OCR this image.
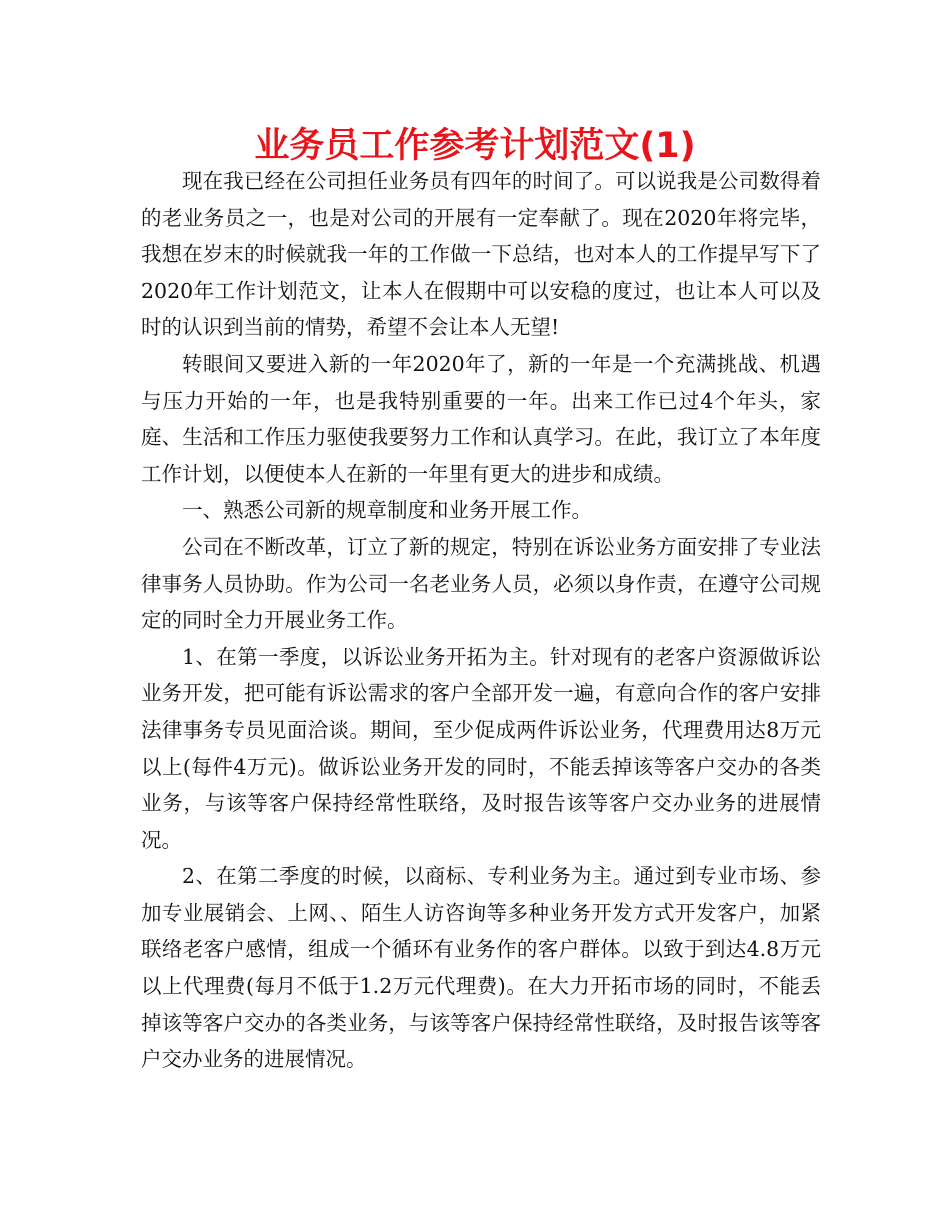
业务员工作参考计划范文(1)

现在我已经在公司担任业务员有四年的时间了。可以说我是公司数得着的老业务员之一，也是对公司的开展有一定奉献了。现在2020年将完毕，我想在岁末的时候就我一年的工作做一下总结，也对本人的工作提早写下了2020年工作计划范文，让本人在假期中可以安稳的度过，也让本人可以及时的认识到当前的情势，希望不会让本人无望!

转眼间又要进入新的一年2020年了，新的一年是一个充满挑战、机遇与压力开始的一年，也是我特别重要的一年。出来工作已过4个年头，家庭、生活和工作压力驱使我要努力工作和认真学习。在此，我订立了本年度工作计划，以便使本人在新的一年里有更大的进步和成绩。

一、熟悉公司新的规章制度和业务开展工作。

公司在不断改革，订立了新的规定，特别在诉讼业务方面安排了专业法律事务人员协助。作为公司一名老业务人员，必须以身作责，在遵守公司规定的同时全力开展业务工作。

1、在第一季度，以诉讼业务开拓为主。针对现有的老客户资源做诉讼业务开发，把可能有诉讼需求的客户全部开发一遍，有意向合作的客户安排法律事务专员见面洽谈。期间，至少促成两件诉讼业务，代理费用达8万元以上(每件4万元)。做诉讼业务开发的同时，不能丢掉该等客户交办的各类业务，与该等客户保持经常性联络，及时报告该等客户交办业务的进展情况。

2、在第二季度的时候，以商标、专利业务为主。通过到专业市场、参加专业展销会、上网、、陌生人访咨询等多种业务开发方式开发客户，加紧联络老客户感情，组成一个循环有业务作的客户群体。以致于到达4.8万元以上代理费(每月不低于1.2万元代理费)。在大力开拓市场的同时，不能丢掉该等客户交办的各类业务，与该等客户保持经常性联络，及时报告该等客户交办业务的进展情况。
